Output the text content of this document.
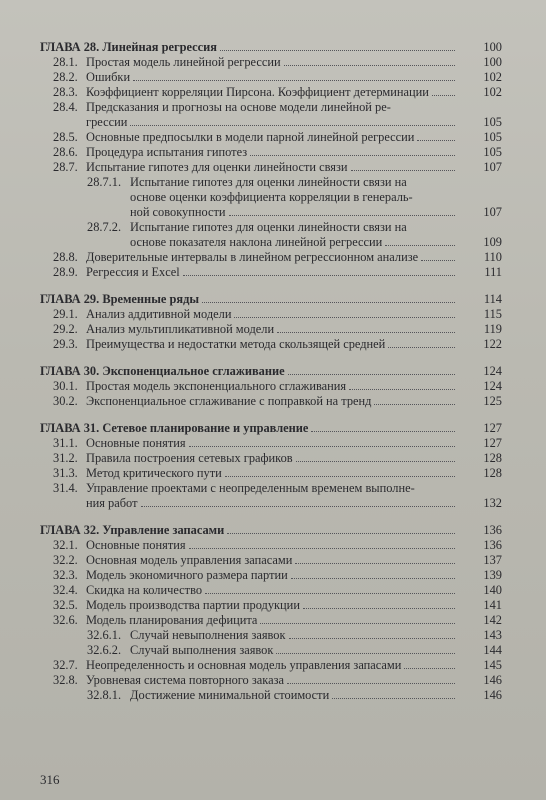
ГЛАВА 28. Линейная регрессия	100
28.1. Простая модель линейной регрессии	100
28.2. Ошибки	102
28.3. Коэффициент корреляции Пирсона. Коэффициент детерминации	102
28.4. Предсказания и прогнозы на основе модели линейной ре-
грессии	105
28.5. Основные предпосылки в модели парной линейной регрессии	105
28.6. Процедура испытания гипотез	105
28.7. Испытание гипотез для оценки линейности связи	107
28.7.1. Испытание гипотез для оценки линейности связи на
основе оценки коэффициента корреляции в генераль-
ной совокупности	107
28.7.2. Испытание гипотез для оценки линейности связи на
основе показателя наклона линейной регрессии	109
28.8. Доверительные интервалы в линейном регрессионном анализе	110
28.9. Регрессия и Excel	111
ГЛАВА 29. Временные ряды	114
29.1. Анализ аддитивной модели	115
29.2. Анализ мультипликативной модели	119
29.3. Преимущества и недостатки метода скользящей средней	122
ГЛАВА 30. Экспоненциальное сглаживание	124
30.1. Простая модель экспоненциального сглаживания	124
30.2. Экспоненциальное сглаживание с поправкой на тренд	125
ГЛАВА 31. Сетевое планирование и управление	127
31.1. Основные понятия	127
31.2. Правила построения сетевых графиков	128
31.3. Метод критического пути	128
31.4. Управление проектами с неопределенным временем выполне-
ния работ	132
ГЛАВА 32. Управление запасами	136
32.1. Основные понятия	136
32.2. Основная модель управления запасами	137
32.3. Модель экономичного размера партии	139
32.4. Скидка на количество	140
32.5. Модель производства партии продукции	141
32.6. Модель планирования дефицита	142
32.6.1. Случай невыполнения заявок	143
32.6.2. Случай выполнения заявок	144
32.7. Неопределенность и основная модель управления запасами	145
32.8. Уровневая система повторного заказа	146
32.8.1. Достижение минимальной стоимости	146
316
